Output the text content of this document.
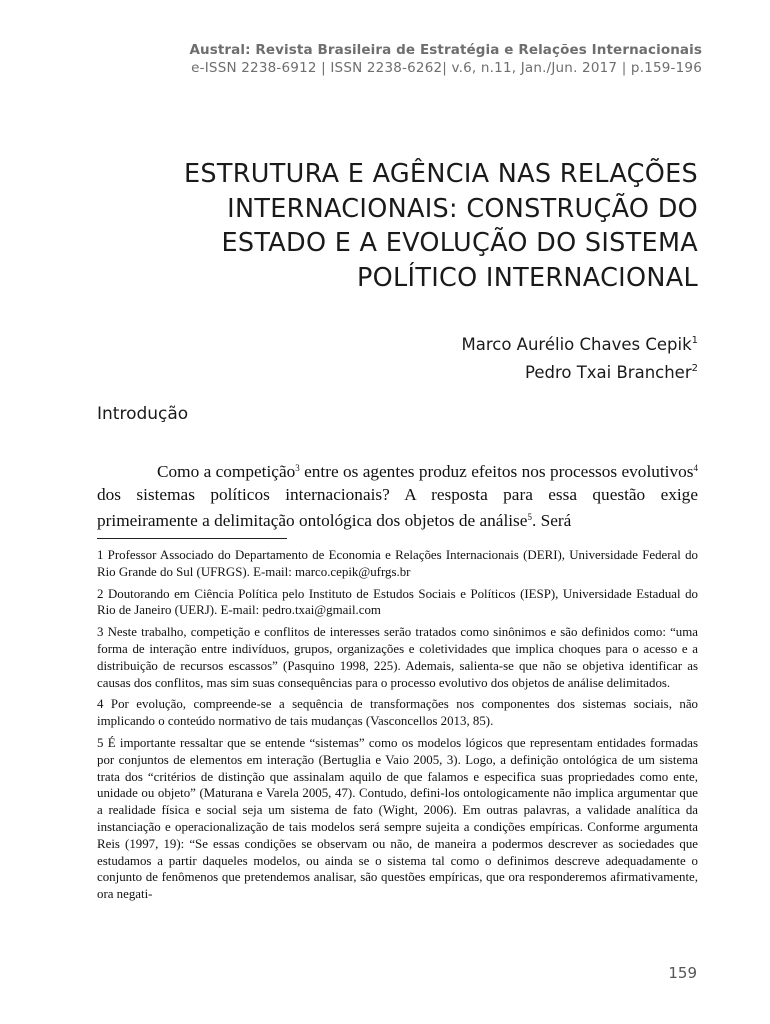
Austral: Revista Brasileira de Estratégia e Relações Internacionais
e-ISSN 2238-6912 | ISSN 2238-6262| v.6, n.11, Jan./Jun. 2017 | p.159-196
ESTRUTURA E AGÊNCIA NAS RELAÇÕES
INTERNACIONAIS: CONSTRUÇÃO DO
ESTADO E A EVOLUÇÃO DO SISTEMA
POLÍTICO INTERNACIONAL
Marco Aurélio Chaves Cepik$^1$
Pedro Txai Brancher$^2$
Introdução
Como a competição$^3$ entre os agentes produz efeitos nos processos evolutivos$^4$ dos sistemas políticos internacionais? A resposta para essa questão exige primeiramente a delimitação ontológica dos objetos de análise$^5$. Será

1 Professor Associado do Departamento de Economia e Relações Internacionais (DERI), Universidade Federal do Rio Grande do Sul (UFRGS). E-mail: marco.cepik@ufrgs.br

2 Doutorando em Ciência Política pelo Instituto de Estudos Sociais e Políticos (IESP), Universidade Estadual do Rio de Janeiro (UERJ). E-mail: pedro.txai@gmail.com

3 Neste trabalho, competição e conflitos de interesses serão tratados como sinônimos e são definidos como: “uma forma de interação entre indivíduos, grupos, organizações e coletividades que implica choques para o acesso e a distribuição de recursos escassos” (Pasquino 1998, 225). Ademais, salienta-se que não se objetiva identificar as causas dos conflitos, mas sim suas consequências para o processo evolutivo dos objetos de análise delimitados.

4 Por evolução, compreende-se a sequência de transformações nos componentes dos sistemas sociais, não implicando o conteúdo normativo de tais mudanças (Vasconcellos 2013, 85).

5 É importante ressaltar que se entende “sistemas” como os modelos lógicos que representam entidades formadas por conjuntos de elementos em interação (Bertuglia e Vaio 2005, 3). Logo, a definição ontológica de um sistema trata dos “critérios de distinção que assinalam aquilo de que falamos e especifica suas propriedades como ente, unidade ou objeto” (Maturana e Varela 2005, 47). Contudo, defini-los ontologicamente não implica argumentar que a realidade física e social seja um sistema de fato (Wight, 2006). Em outras palavras, a validade analítica da instanciação e operacionalização de tais modelos será sempre sujeita a condições empíricas. Conforme argumenta Reis (1997, 19): “Se essas condições se observam ou não, de maneira a podermos descrever as sociedades que estudamos a partir daqueles modelos, ou ainda se o sistema tal como o definimos descreve adequadamente o conjunto de fenômenos que pretendemos analisar, são questões empíricas, que ora responderemos afirmativamente, ora negati-

159
